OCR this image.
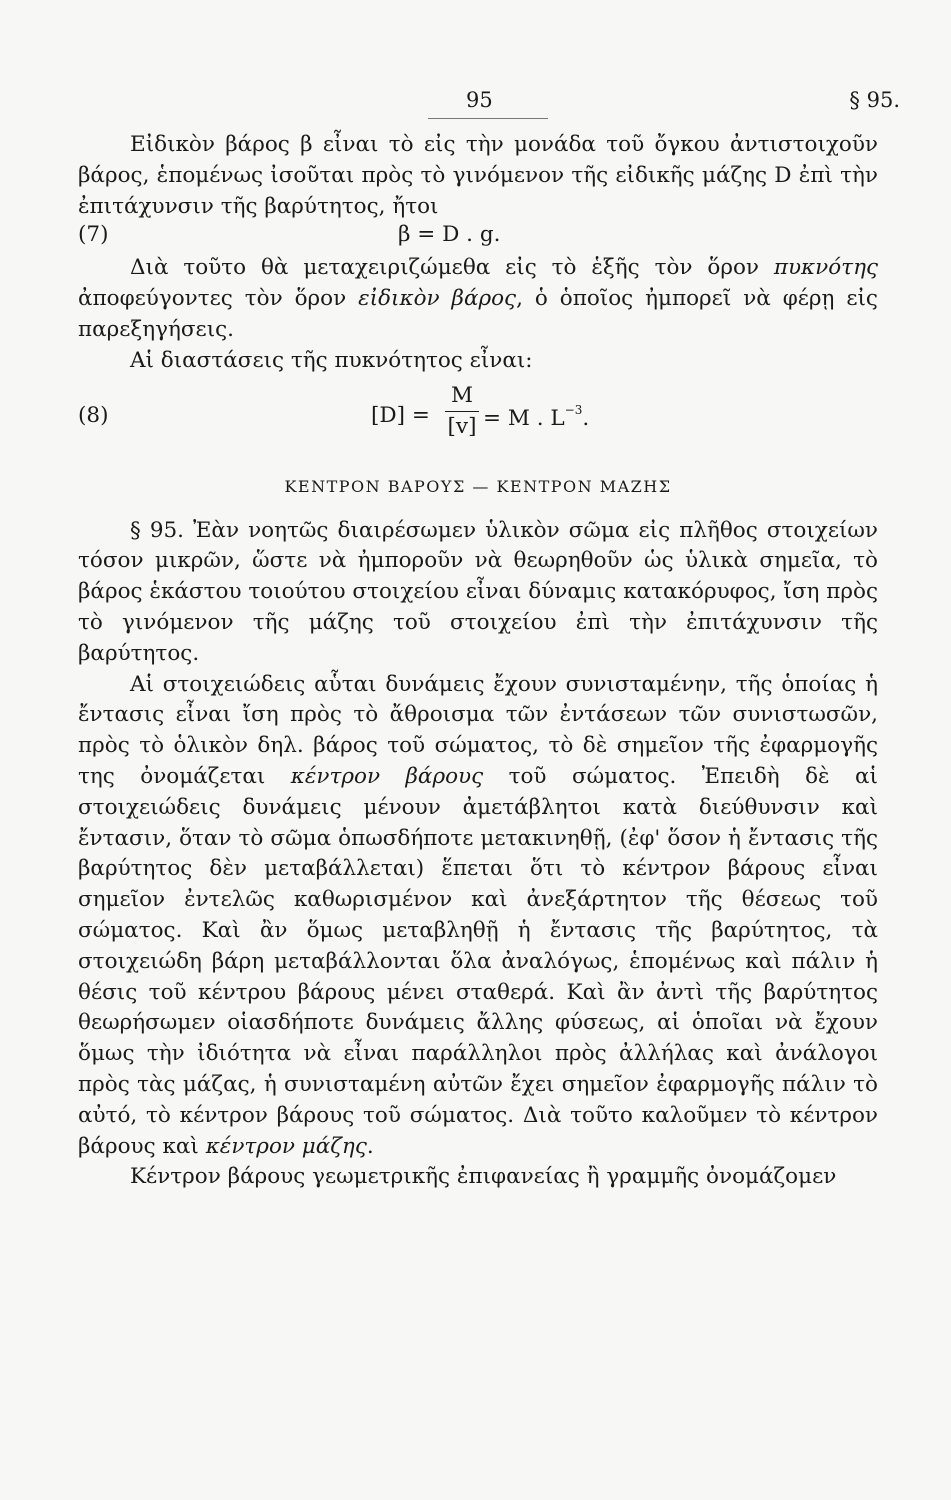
95	§ 95.

Εἰδικὸν βάρος β εἶναι τὸ εἰς τὴν μονάδα τοῦ ὄγκου ἀντιστοιχοῦν βάρος, ἑπομένως ἰσοῦται πρὸς τὸ γινόμενον τῆς εἰδικῆς μάζης D ἐπὶ τὴν ἐπιτάχυνσιν τῆς βαρύτητος, ἤτοι

(7)	β = D . g.

Διὰ τοῦτο θὰ μεταχειριζώμεθα εἰς τὸ ἑξῆς τὸν ὅρον πυκνότης ἀποφεύγοντες τὸν ὅρον εἰδικὸν βάρος, ὁ ὁποῖος ἠμπορεῖ νὰ φέρῃ εἰς παρεξηγήσεις.

Αἱ διαστάσεις τῆς πυκνότητος εἶναι:

(8)	[D] =
M
[v] = M . $L^{-3}$.
ΚΕΝΤΡΟΝ ΒΑΡΟΥΣ — ΚΕΝΤΡΟΝ ΜΑΖΗΣ

§ 95. Ἐὰν νοητῶς διαιρέσωμεν ὑλικὸν σῶμα εἰς πλῆθος στοιχείων τόσον μικρῶν, ὥστε νὰ ἠμποροῦν νὰ θεωρηθοῦν ὡς ὑλικὰ σημεῖα, τὸ βάρος ἑκάστου τοιούτου στοιχείου εἶναι δύναμις κατακόρυφος, ἴση πρὸς τὸ γινόμενον τῆς μάζης τοῦ στοιχείου ἐπὶ τὴν ἐπιτάχυνσιν τῆς βαρύτητος.

Αἱ στοιχειώδεις αὗται δυνάμεις ἔχουν συνισταμένην, τῆς ὁποίας ἡ ἔντασις εἶναι ἴση πρὸς τὸ ἄθροισμα τῶν ἐντάσεων τῶν συνιστωσῶν, πρὸς τὸ ὁλικὸν δηλ. βάρος τοῦ σώματος, τὸ δὲ σημεῖον τῆς ἐφαρμογῆς της ὀνομάζεται κέντρον βάρους τοῦ σώματος. Ἐπειδὴ δὲ αἱ στοιχειώδεις δυνάμεις μένουν ἀμετάβλητοι κατὰ διεύθυνσιν καὶ ἔντασιν, ὅταν τὸ σῶμα ὁπωσδήποτε μετακινηθῇ, (ἐφ' ὅσον ἡ ἔντασις τῆς βαρύτητος δὲν μεταβάλλεται) ἕπεται ὅτι τὸ κέντρον βάρους εἶναι σημεῖον ἐντελῶς καθωρισμένον καὶ ἀνεξάρτητον τῆς θέσεως τοῦ σώματος. Καὶ ἂν ὅμως μεταβληθῇ ἡ ἔντασις τῆς βαρύτητος, τὰ στοιχειώδη βάρη μεταβάλλονται ὅλα ἀναλόγως, ἑπομένως καὶ πάλιν ἡ θέσις τοῦ κέντρου βάρους μένει σταθερά. Καὶ ἂν ἀντὶ τῆς βαρύτητος θεωρήσωμεν οἱασδήποτε δυνάμεις ἄλλης φύσεως, αἱ ὁποῖαι νὰ ἔχουν ὅμως τὴν ἰδιότητα νὰ εἶναι παράλληλοι πρὸς ἀλλήλας καὶ ἀνάλογοι πρὸς τὰς μάζας, ἡ συνισταμένη αὐτῶν ἔχει σημεῖον ἐφαρμογῆς πάλιν τὸ αὐτό, τὸ κέντρον βάρους τοῦ σώματος. Διὰ τοῦτο καλοῦμεν τὸ κέντρον βάρους καὶ κέντρον μάζης.

Κέντρον βάρους γεωμετρικῆς ἐπιφανείας ἢ γραμμῆς ὀνομάζομεν
